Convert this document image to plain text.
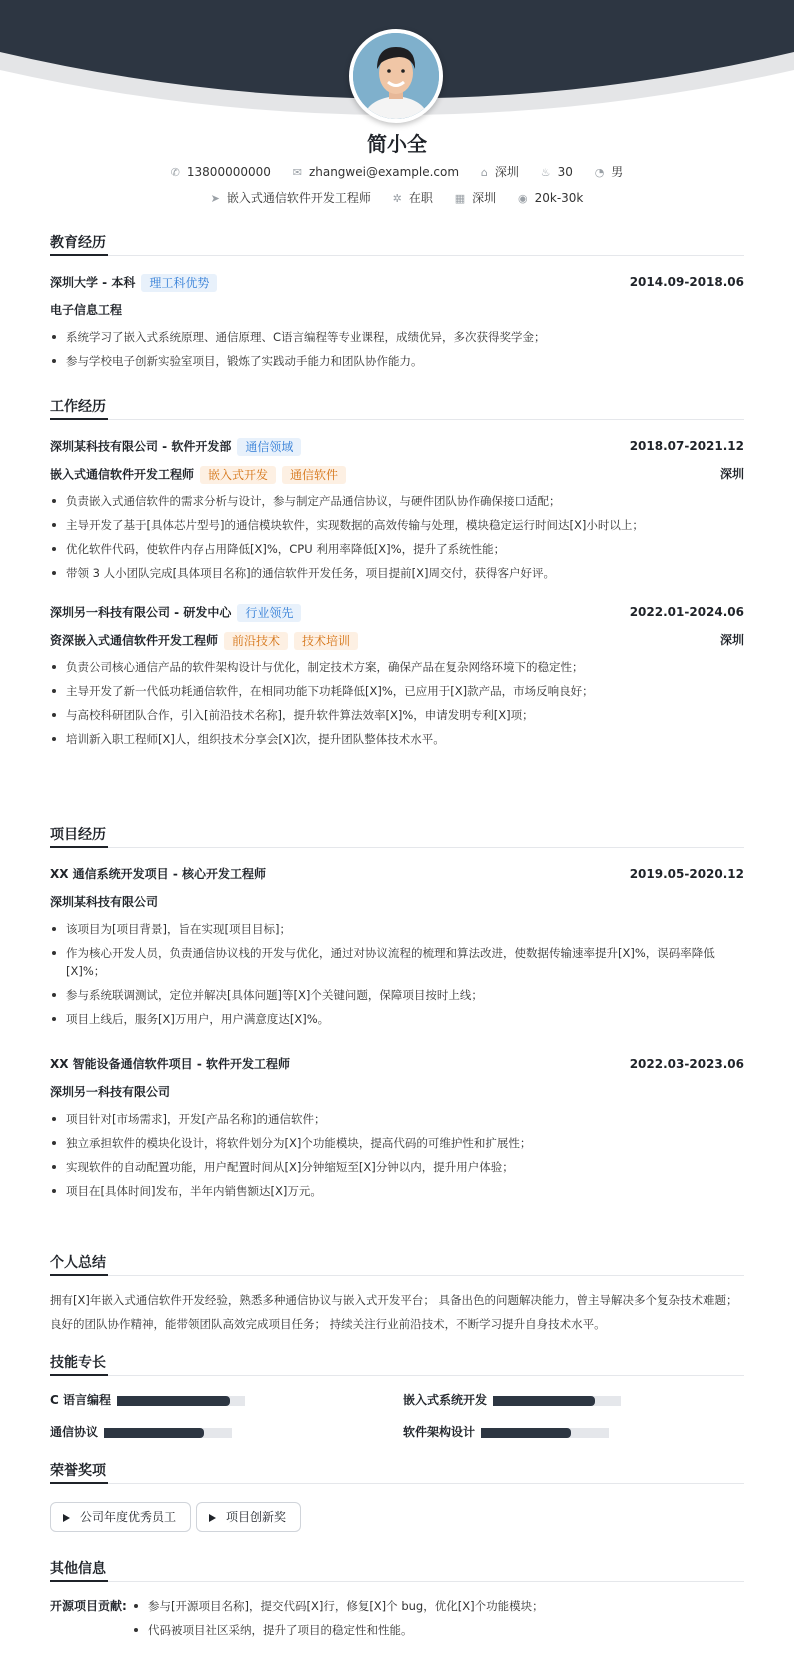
简小全
✆ 13800000000 ✉ zhangwei@example.com ⌂ 深圳 ♨ 30 ◔ 男
➤ 嵌入式通信软件开发工程师 ✲ 在职 ▦ 深圳 ◉ 20k-30k
教育经历
深圳大学 - 本科 理工科优势	2014.09-2018.06
电子信息工程
系统学习了嵌入式系统原理、通信原理、C语言编程等专业课程，成绩优异，多次获得奖学金；
参与学校电子创新实验室项目，锻炼了实践动手能力和团队协作能力。
工作经历
深圳某科技有限公司 - 软件开发部 通信领域	2018.07-2021.12
嵌入式通信软件开发工程师 嵌入式开发 通信软件	深圳
负责嵌入式通信软件的需求分析与设计，参与制定产品通信协议，与硬件团队协作确保接口适配；
主导开发了基于[具体芯片型号]的通信模块软件，实现数据的高效传输与处理，模块稳定运行时间达[X]小时以上；
优化软件代码，使软件内存占用降低[X]%，CPU 利用率降低[X]%，提升了系统性能；
带领 3 人小团队完成[具体项目名称]的通信软件开发任务，项目提前[X]周交付，获得客户好评。
深圳另一科技有限公司 - 研发中心 行业领先	2022.01-2024.06
资深嵌入式通信软件开发工程师 前沿技术 技术培训	深圳
负责公司核心通信产品的软件架构设计与优化，制定技术方案，确保产品在复杂网络环境下的稳定性；
主导开发了新一代低功耗通信软件，在相同功能下功耗降低[X]%，已应用于[X]款产品，市场反响良好；
与高校科研团队合作，引入[前沿技术名称]，提升软件算法效率[X]%，申请发明专利[X]项；
培训新入职工程师[X]人，组织技术分享会[X]次，提升团队整体技术水平。
项目经历
XX 通信系统开发项目 - 核心开发工程师	2019.05-2020.12
深圳某科技有限公司
该项目为[项目背景]，旨在实现[项目目标]；
作为核心开发人员，负责通信协议栈的开发与优化，通过对协议流程的梳理和算法改进，使数据传输速率提升[X]%，误码率降低[X]%；
参与系统联调测试，定位并解决[具体问题]等[X]个关键问题，保障项目按时上线；
项目上线后，服务[X]万用户，用户满意度达[X]%。
XX 智能设备通信软件项目 - 软件开发工程师	2022.03-2023.06
深圳另一科技有限公司
项目针对[市场需求]，开发[产品名称]的通信软件；
独立承担软件的模块化设计，将软件划分为[X]个功能模块，提高代码的可维护性和扩展性；
实现软件的自动配置功能，用户配置时间从[X]分钟缩短至[X]分钟以内，提升用户体验；
项目在[具体时间]发布，半年内销售额达[X]万元。
个人总结
拥有[X]年嵌入式通信软件开发经验，熟悉多种通信协议与嵌入式开发平台； 具备出色的问题解决能力，曾主导解决多个复杂技术难题； 良好的团队协作精神，能带领团队高效完成项目任务； 持续关注行业前沿技术，不断学习提升自身技术水平。
技能专长
C 语言编程	嵌入式系统开发
通信协议	软件架构设计
荣誉奖项
公司年度优秀员工	项目创新奖
其他信息
开源项目贡献:	参与[开源项目名称]，提交代码[X]行，修复[X]个 bug，优化[X]个功能模块；
代码被项目社区采纳，提升了项目的稳定性和性能。
